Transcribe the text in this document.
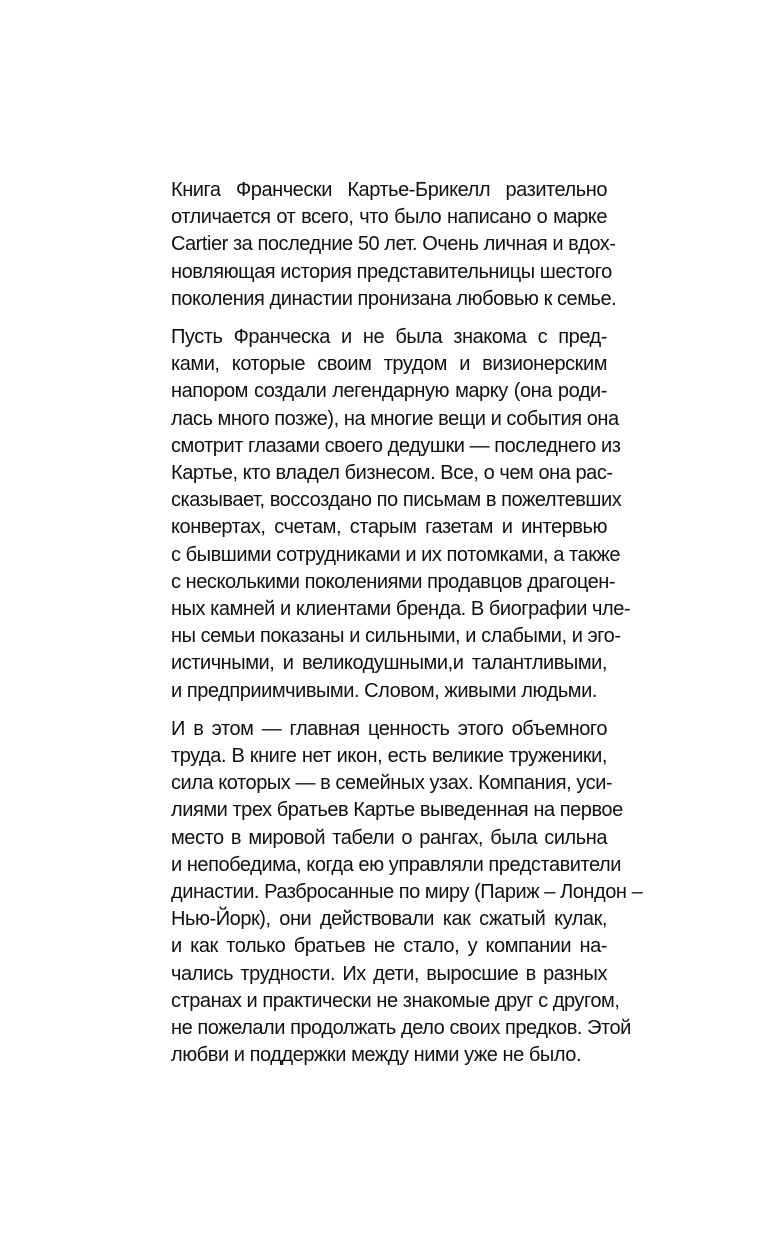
Книга Франчески Картье-Брикелл разительно
отличается от всего, что было написано о марке
Cartier за последние 50 лет. Очень личная и вдох-
новляющая история представительницы шестого
поколения династии пронизана любовью к семье.
Пусть Франческа и не была знакома с пред-
ками, которые своим трудом и визионерским
напором создали легендарную марку (она роди-
лась много позже), на многие вещи и события она
смотрит глазами своего дедушки — последнего из
Картье, кто владел бизнесом. Все, о чем она рас-
сказывает, воссоздано по письмам в пожелтевших
конвертах, счетам, старым газетам и интервью
с бывшими сотрудниками и их потомками, а также
с несколькими поколениями продавцов драгоцен-
ных камней и клиентами бренда. В биографии чле-
ны семьи показаны и сильными, и слабыми, и эго-
истичными, и великодушными,и талантливыми,
и предприимчивыми. Словом, живыми людьми.
И в этом — главная ценность этого объемного
труда. В книге нет икон, есть великие труженики,
сила которых — в семейных узах. Компания, уси-
лиями трех братьев Картье выведенная на первое
место в мировой табели о рангах, была сильна
и непобедима, когда ею управляли представители
династии. Разбросанные по миру (Париж – Лондон –
Нью-Йорк), они действовали как сжатый кулак,
и как только братьев не стало, у компании на-
чались трудности. Их дети, выросшие в разных
странах и практически не знакомые друг с другом,
не пожелали продолжать дело своих предков. Этой
любви и поддержки между ними уже не было.
